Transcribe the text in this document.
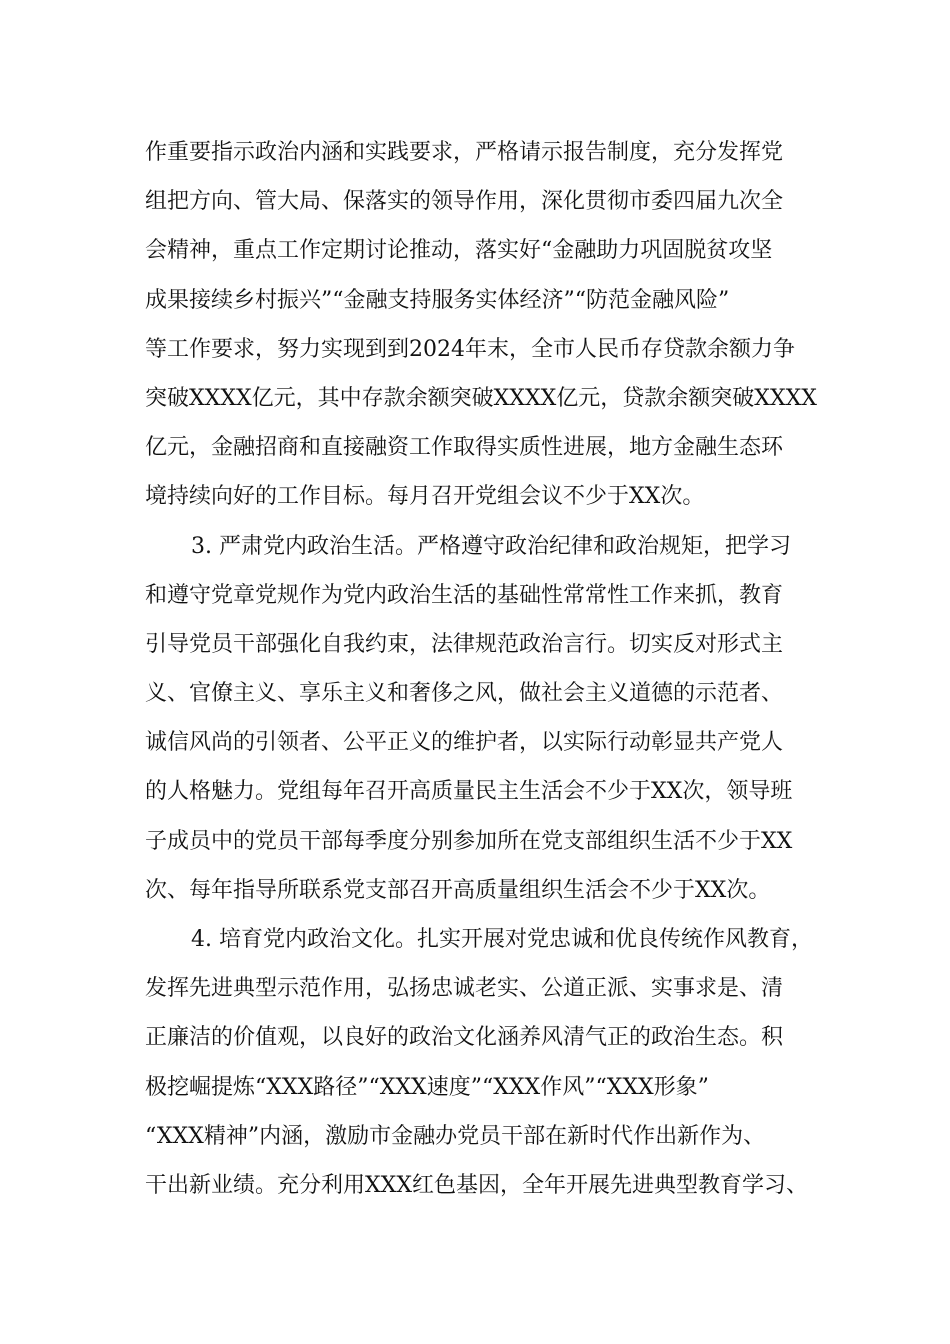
作重要指示政治内涵和实践要求，严格请示报告制度，充分发挥党
组把方向、管大局、保落实的领导作用，深化贯彻市委四届九次全
会精神，重点工作定期讨论推动，落实好“金融助力巩固脱贫攻坚
成果接续乡村振兴”“金融支持服务实体经济”“防范金融风险”
等工作要求，努力实现到到2024年末，全市人民币存贷款余额力争
突破XXXX亿元，其中存款余额突破XXXX亿元，贷款余额突破XXXX
亿元，金融招商和直接融资工作取得实质性进展，地方金融生态环
境持续向好的工作目标。每月召开党组会议不少于XX次。
3. 严肃党内政治生活。严格遵守政治纪律和政治规矩，把学习
和遵守党章党规作为党内政治生活的基础性常常性工作来抓，教育
引导党员干部强化自我约束，法律规范政治言行。切实反对形式主
义、官僚主义、享乐主义和奢侈之风，做社会主义道德的示范者、
诚信风尚的引领者、公平正义的维护者，以实际行动彰显共产党人
的人格魅力。党组每年召开高质量民主生活会不少于XX次，领导班
子成员中的党员干部每季度分别参加所在党支部组织生活不少于XX
次、每年指导所联系党支部召开高质量组织生活会不少于XX次。
4. 培育党内政治文化。扎实开展对党忠诚和优良传统作风教育，
发挥先进典型示范作用，弘扬忠诚老实、公道正派、实事求是、清
正廉洁的价值观，以良好的政治文化涵养风清气正的政治生态。积
极挖崛提炼“XXX路径”“XXX速度”“XXX作风”“XXX形象”
“XXX精神”内涵，激励市金融办党员干部在新时代作出新作为、
干出新业绩。充分利用XXX红色基因，全年开展先进典型教育学习、
